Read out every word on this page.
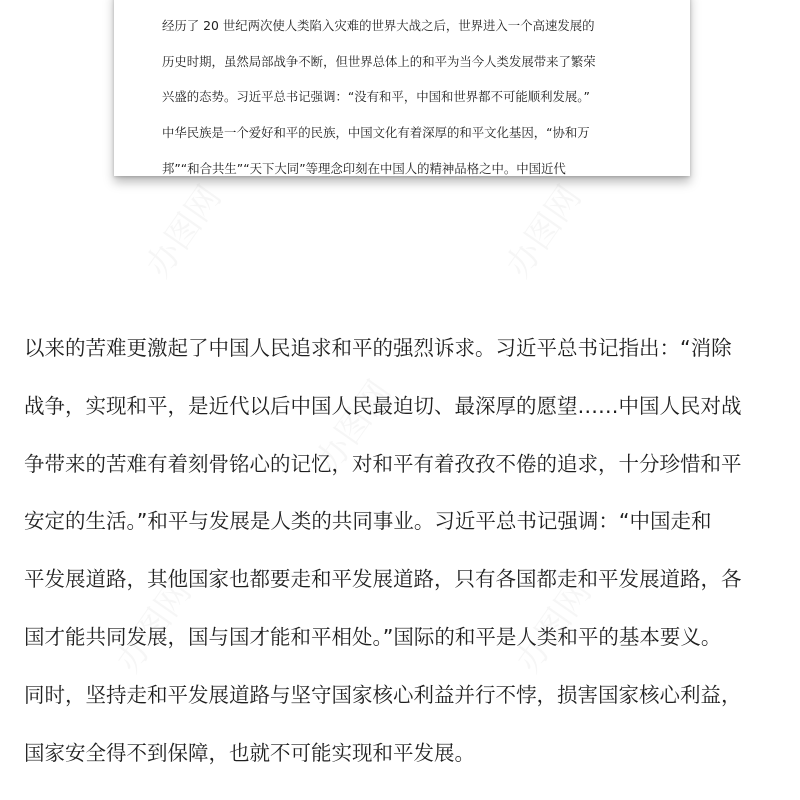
办图网	办图网
办图网
办图网	办图网
经历了 20 世纪两次使人类陷入灾难的世界大战之后，世界进入一个高速发展的
历史时期，虽然局部战争不断，但世界总体上的和平为当今人类发展带来了繁荣
兴盛的态势。习近平总书记强调：“没有和平，中国和世界都不可能顺利发展。”
中华民族是一个爱好和平的民族，中国文化有着深厚的和平文化基因，“协和万
邦”“和合共生”“天下大同”等理念印刻在中国人的精神品格之中。中国近代
以来的苦难更激起了中国人民追求和平的强烈诉求。习近平总书记指出：“消除
战争，实现和平，是近代以后中国人民最迫切、最深厚的愿望……中国人民对战
争带来的苦难有着刻骨铭心的记忆，对和平有着孜孜不倦的追求，十分珍惜和平
安定的生活。”和平与发展是人类的共同事业。习近平总书记强调：“中国走和
平发展道路，其他国家也都要走和平发展道路，只有各国都走和平发展道路，各
国才能共同发展，国与国才能和平相处。”国际的和平是人类和平的基本要义。
同时，坚持走和平发展道路与坚守国家核心利益并行不悖，损害国家核心利益，
国家安全得不到保障，也就不可能实现和平发展。
